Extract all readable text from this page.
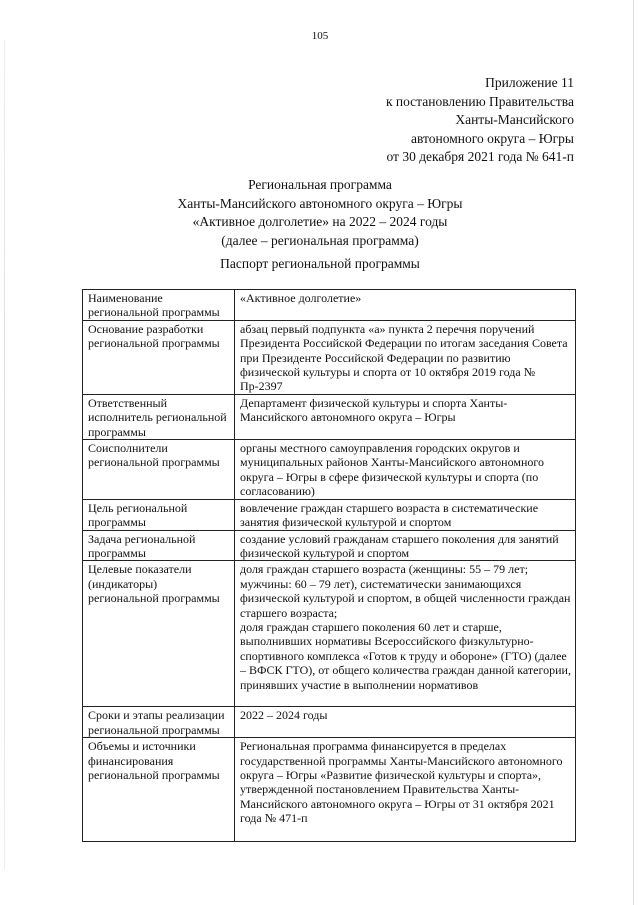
105
Приложение 11
к постановлению Правительства
Ханты-Мансийского
автономного округа – Югры
от 30 декабря 2021 года № 641-п
Региональная программа
Ханты-Мансийского автономного округа – Югры
«Активное долголетие» на 2022 – 2024 годы
(далее – региональная программа)
Паспорт региональной программы
Наименование региональной программы	«Активное долголетие»
Основание разработки региональной программы	абзац первый подпункта «а» пункта 2 перечня поручений Президента Российской Федерации по итогам заседания Совета при Президенте Российской Федерации по развитию физической культуры и спорта от 10 октября 2019 года № Пр-2397
Ответственный исполнитель региональной программы	Департамент физической культуры и спорта Ханты-Мансийского автономного округа – Югры
Соисполнители региональной программы	органы местного самоуправления городских округов и муниципальных районов Ханты-Мансийского автономного округа – Югры в сфере физической культуры и спорта (по согласованию)
Цель региональной программы	вовлечение граждан старшего возраста в систематические занятия физической культурой и спортом
Задача региональной программы	создание условий гражданам старшего поколения для занятий физической культурой и спортом
Целевые показатели (индикаторы) региональной программы	доля граждан старшего возраста (женщины: 55 – 79 лет; мужчины: 60 – 79 лет), систематически занимающихся физической культурой и спортом, в общей численности граждан старшего возраста;
доля граждан старшего поколения 60 лет и старше, выполнивших нормативы Всероссийского физкультурно-спортивного комплекса «Готов к труду и обороне» (ГТО) (далее – ВФСК ГТО), от общего количества граждан данной категории, принявших участие в выполнении нормативов
Сроки и этапы реализации региональной программы	2022 – 2024 годы
Объемы и источники финансирования региональной программы	Региональная программа финансируется в пределах государственной программы Ханты-Мансийского автономного округа – Югры «Развитие физической культуры и спорта», утвержденной постановлением Правительства Ханты-Мансийского автономного округа – Югры от 31 октября 2021 года № 471-п
